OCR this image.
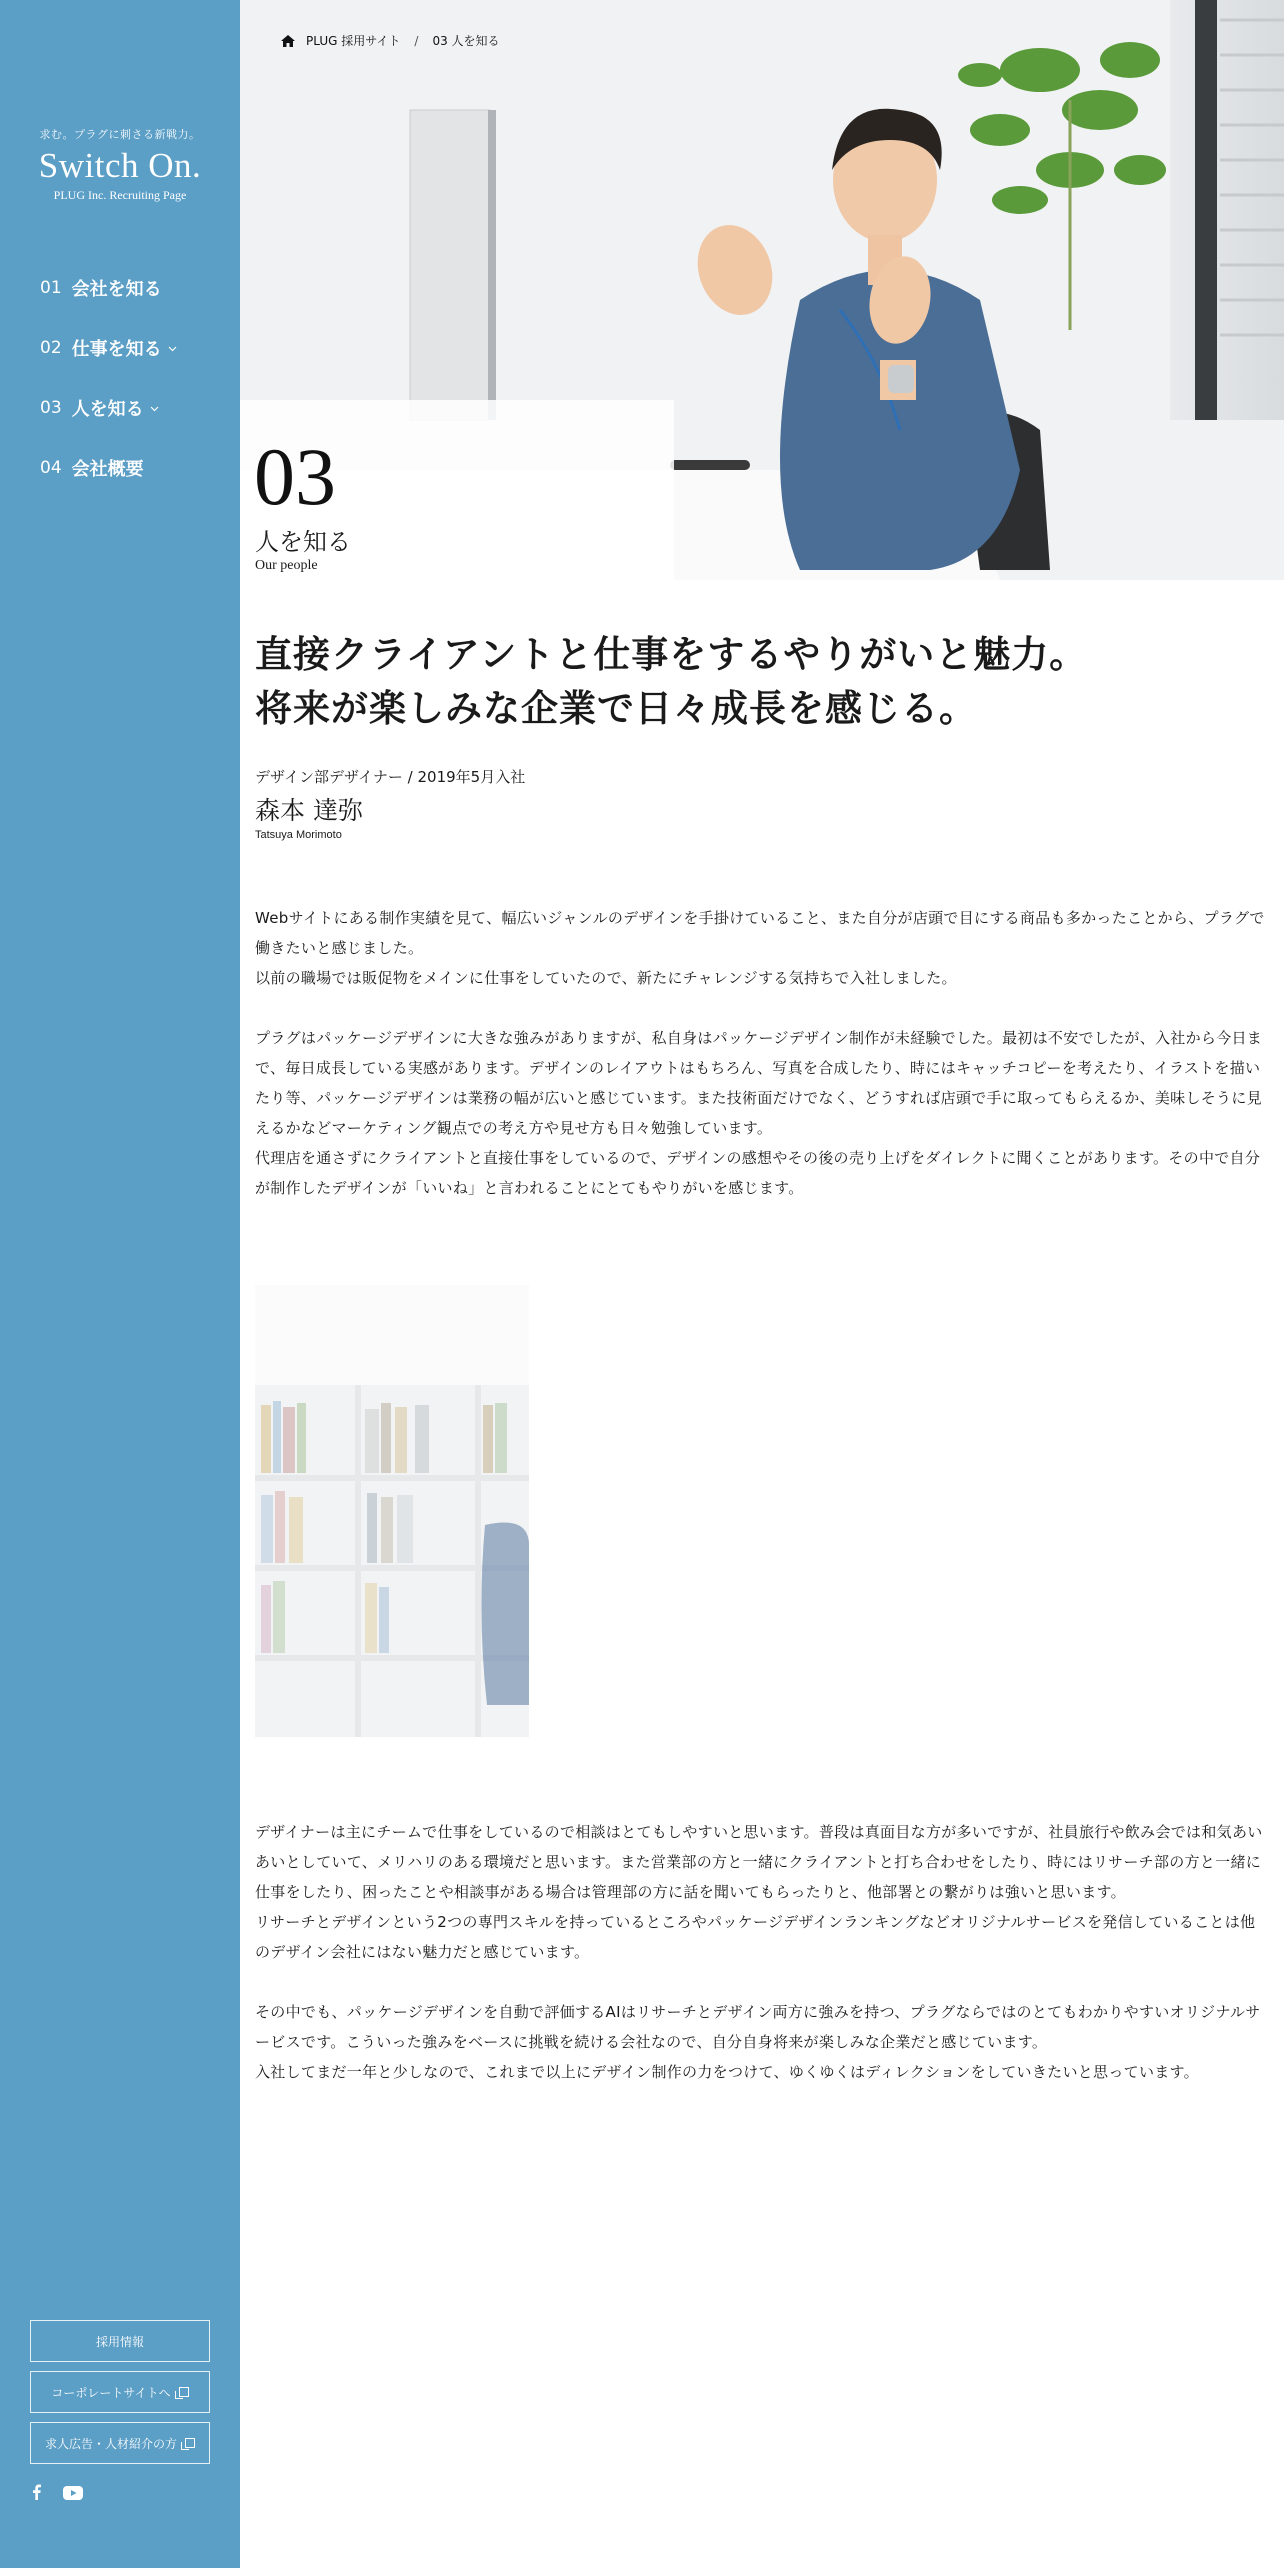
求む。プラグに刺さる新戦力。
Switch On.
PLUG Inc. Recruiting Page
01 会社を知る
02 仕事を知る
03 人を知る
04 会社概要
採用情報
コーポレートサイトへ
求人広告・人材紹介の方
PLUG 採用サイト / 03 人を知る
03
人を知る
Our people
直接クライアントと仕事をするやりがいと魅力。
将来が楽しみな企業で日々成長を感じる。
デザイン部デザイナー / 2019年5月入社
森本 達弥
Tatsuya Morimoto

Webサイトにある制作実績を見て、幅広いジャンルのデザインを手掛けていること、また自分が店頭で目にする商品も多かったことから、プラグで働きたいと感じました。
以前の職場では販促物をメインに仕事をしていたので、新たにチャレンジする気持ちで入社しました。

プラグはパッケージデザインに大きな強みがありますが、私自身はパッケージデザイン制作が未経験でした。最初は不安でしたが、入社から今日まで、毎日成長している実感があります。デザインのレイアウトはもちろん、写真を合成したり、時にはキャッチコピーを考えたり、イラストを描いたり等、パッケージデザインは業務の幅が広いと感じています。また技術面だけでなく、どうすれば店頭で手に取ってもらえるか、美味しそうに見えるかなどマーケティング観点での考え方や見せ方も日々勉強しています。
代理店を通さずにクライアントと直接仕事をしているので、デザインの感想やその後の売り上げをダイレクトに聞くことがあります。その中で自分が制作したデザインが「いいね」と言われることにとてもやりがいを感じます。

デザイナーは主にチームで仕事をしているので相談はとてもしやすいと思います。普段は真面目な方が多いですが、社員旅行や飲み会では和気あいあいとしていて、メリハリのある環境だと思います。また営業部の方と一緒にクライアントと打ち合わせをしたり、時にはリサーチ部の方と一緒に仕事をしたり、困ったことや相談事がある場合は管理部の方に話を聞いてもらったりと、他部署との繋がりは強いと思います。
リサーチとデザインという2つの専門スキルを持っているところやパッケージデザインランキングなどオリジナルサービスを発信していることは他のデザイン会社にはない魅力だと感じています。

その中でも、パッケージデザインを自動で評価するAIはリサーチとデザイン両方に強みを持つ、プラグならではのとてもわかりやすいオリジナルサービスです。こういった強みをベースに挑戦を続ける会社なので、自分自身将来が楽しみな企業だと感じています。
入社してまだ一年と少しなので、これまで以上にデザイン制作の力をつけて、ゆくゆくはディレクションをしていきたいと思っています。
